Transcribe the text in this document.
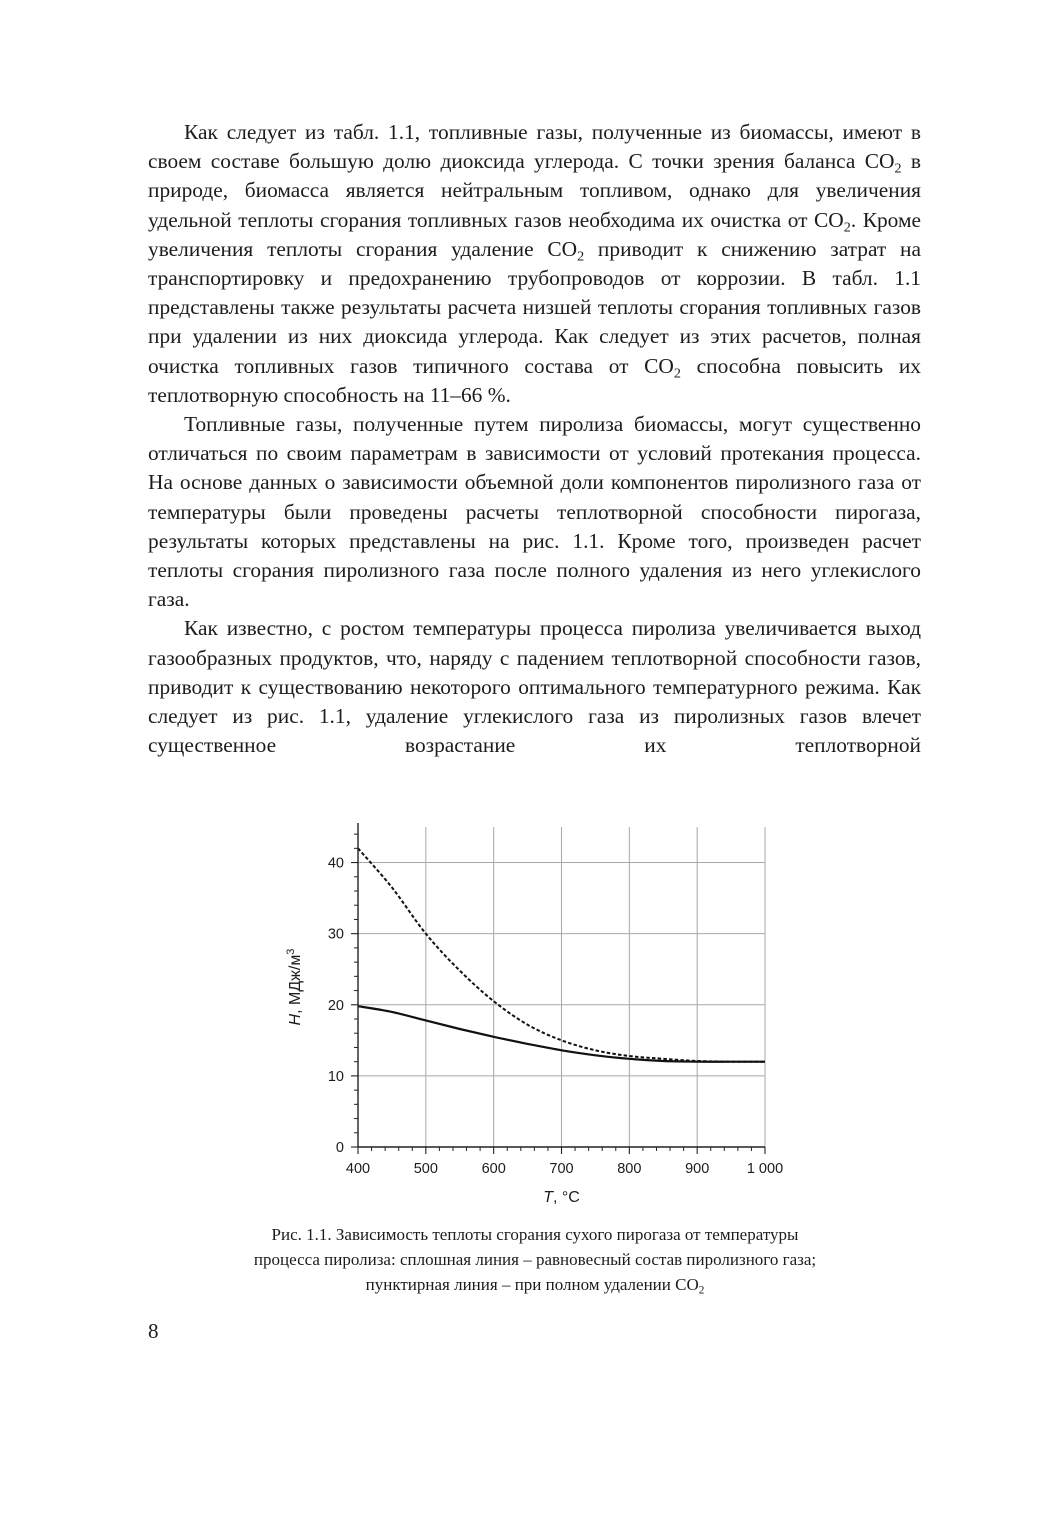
Как следует из табл. 1.1, топливные газы, полученные из биомассы, имеют в своем составе большую долю диоксида углерода. С точки зрения баланса $CO_2$ в природе, биомасса является нейтральным топливом, однако для увеличения удельной теплоты сгорания топливных газов необходима их очистка от $CO_2$. Кроме увеличения теплоты сгорания удаление $CO_2$ приводит к снижению затрат на транспортировку и предохранению трубопроводов от коррозии. В табл. 1.1 представлены также результаты расчета низшей теплоты сгорания топливных газов при удалении из них диоксида углерода. Как следует из этих расчетов, полная очистка топливных газов типичного состава от $CO_2$ способна повысить их теплотворную способность на 11–66 %.

Топливные газы, полученные путем пиролиза биомассы, могут существенно отличаться по своим параметрам в зависимости от условий протекания процесса. На основе данных о зависимости объемной доли компонентов пиролизного газа от температуры были проведены расчеты теплотворной способности пирогаза, результаты которых представлены на рис. 1.1. Кроме того, произведен расчет теплоты сгорания пиролизного газа после полного удаления из него углекислого газа.

Как известно, с ростом температуры процесса пиролиза увеличивается выход газообразных продуктов, что, наряду с падением теплотворной способности газов, приводит к существованию некоторого оптимального температурного режима. Как следует из рис. 1.1, удаление углекислого газа из пиролизных газов влечет существенное возрастание их теплотворной

400	500	600	700	800	900	1 000
0
10
20
30
40
T, °C
H, МДж/$м^3$
Рис. 1.1. Зависимость теплоты сгорания сухого пирогаза от температуры
процесса пиролиза: сплошная линия – равновесный состав пиролизного газа;
пунктирная линия – при полном удалении $CO_2$
8
